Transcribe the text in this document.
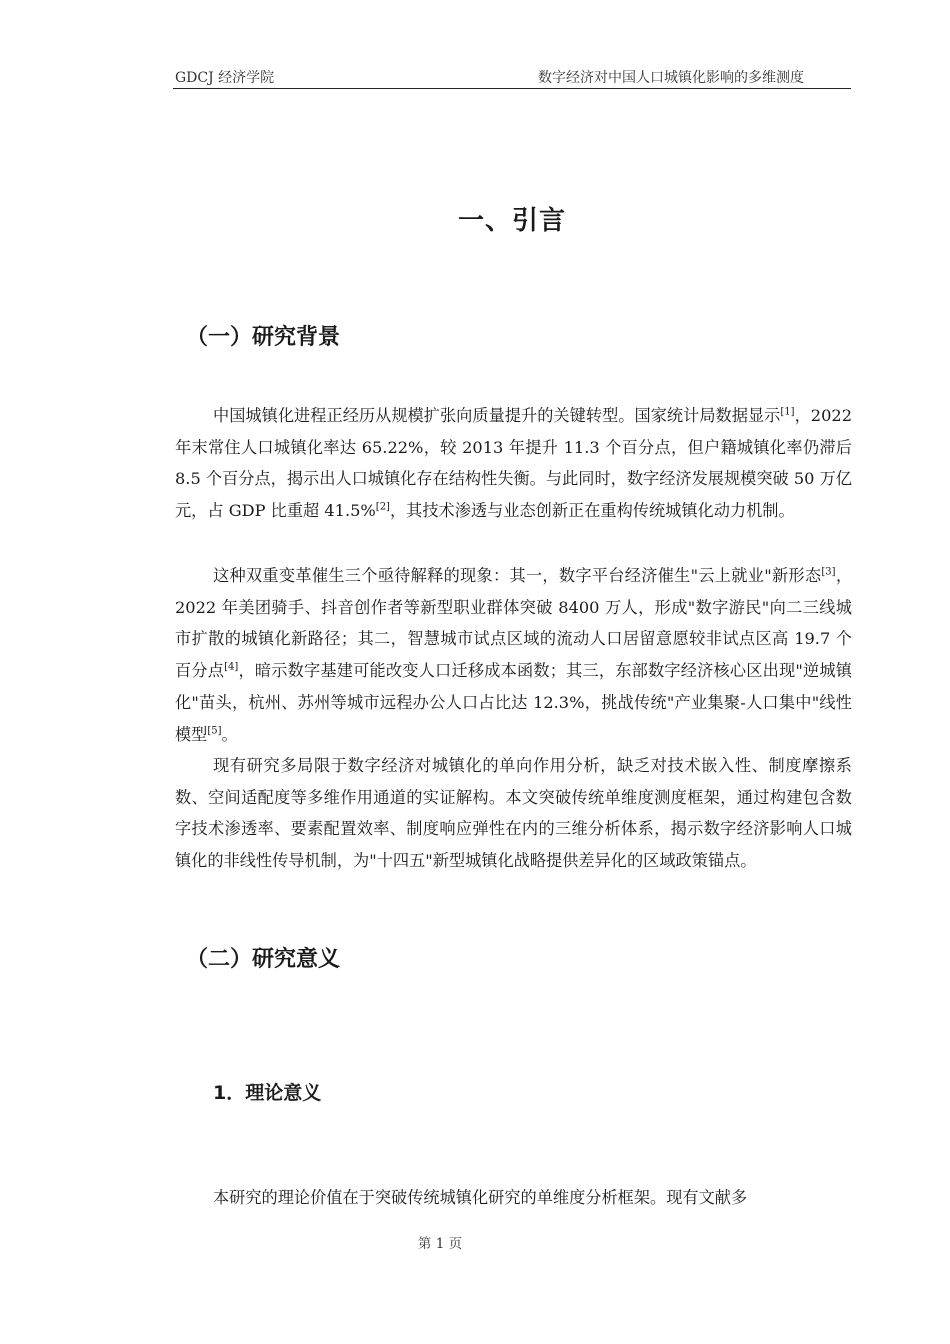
GDCJ 经济学院	数字经济对中国人口城镇化影响的多维测度
一、引言
（一）研究背景

中国城镇化进程正经历从规模扩张向质量提升的关键转型。国家统计局数据显示[1]，2022 年末常住人口城镇化率达 65.22%，较 2013 年提升 11.3 个百分点，但户籍城镇化率仍滞后 8.5 个百分点，揭示出人口城镇化存在结构性失衡。与此同时，数字经济发展规模突破 50 万亿元，占 GDP 比重超 41.5%[2]，其技术渗透与业态创新正在重构传统城镇化动力机制。

这种双重变革催生三个亟待解释的现象：其一，数字平台经济催生"云上就业"新形态[3]，2022 年美团骑手、抖音创作者等新型职业群体突破 8400 万人，形成"数字游民"向二三线城市扩散的城镇化新路径；其二，智慧城市试点区域的流动人口居留意愿较非试点区高 19.7 个百分点[4]，暗示数字基建可能改变人口迁移成本函数；其三，东部数字经济核心区出现"逆城镇化"苗头，杭州、苏州等城市远程办公人口占比达 12.3%，挑战传统"产业集聚-人口集中"线性模型[5]。

现有研究多局限于数字经济对城镇化的单向作用分析，缺乏对技术嵌入性、制度摩擦系数、空间适配度等多维作用通道的实证解构。本文突破传统单维度测度框架，通过构建包含数字技术渗透率、要素配置效率、制度响应弹性在内的三维分析体系，揭示数字经济影响人口城镇化的非线性传导机制，为"十四五"新型城镇化战略提供差异化的区域政策锚点。

（二）研究意义
1．理论意义

本研究的理论价值在于突破传统城镇化研究的单维度分析框架。现有文献多

第 1 页
